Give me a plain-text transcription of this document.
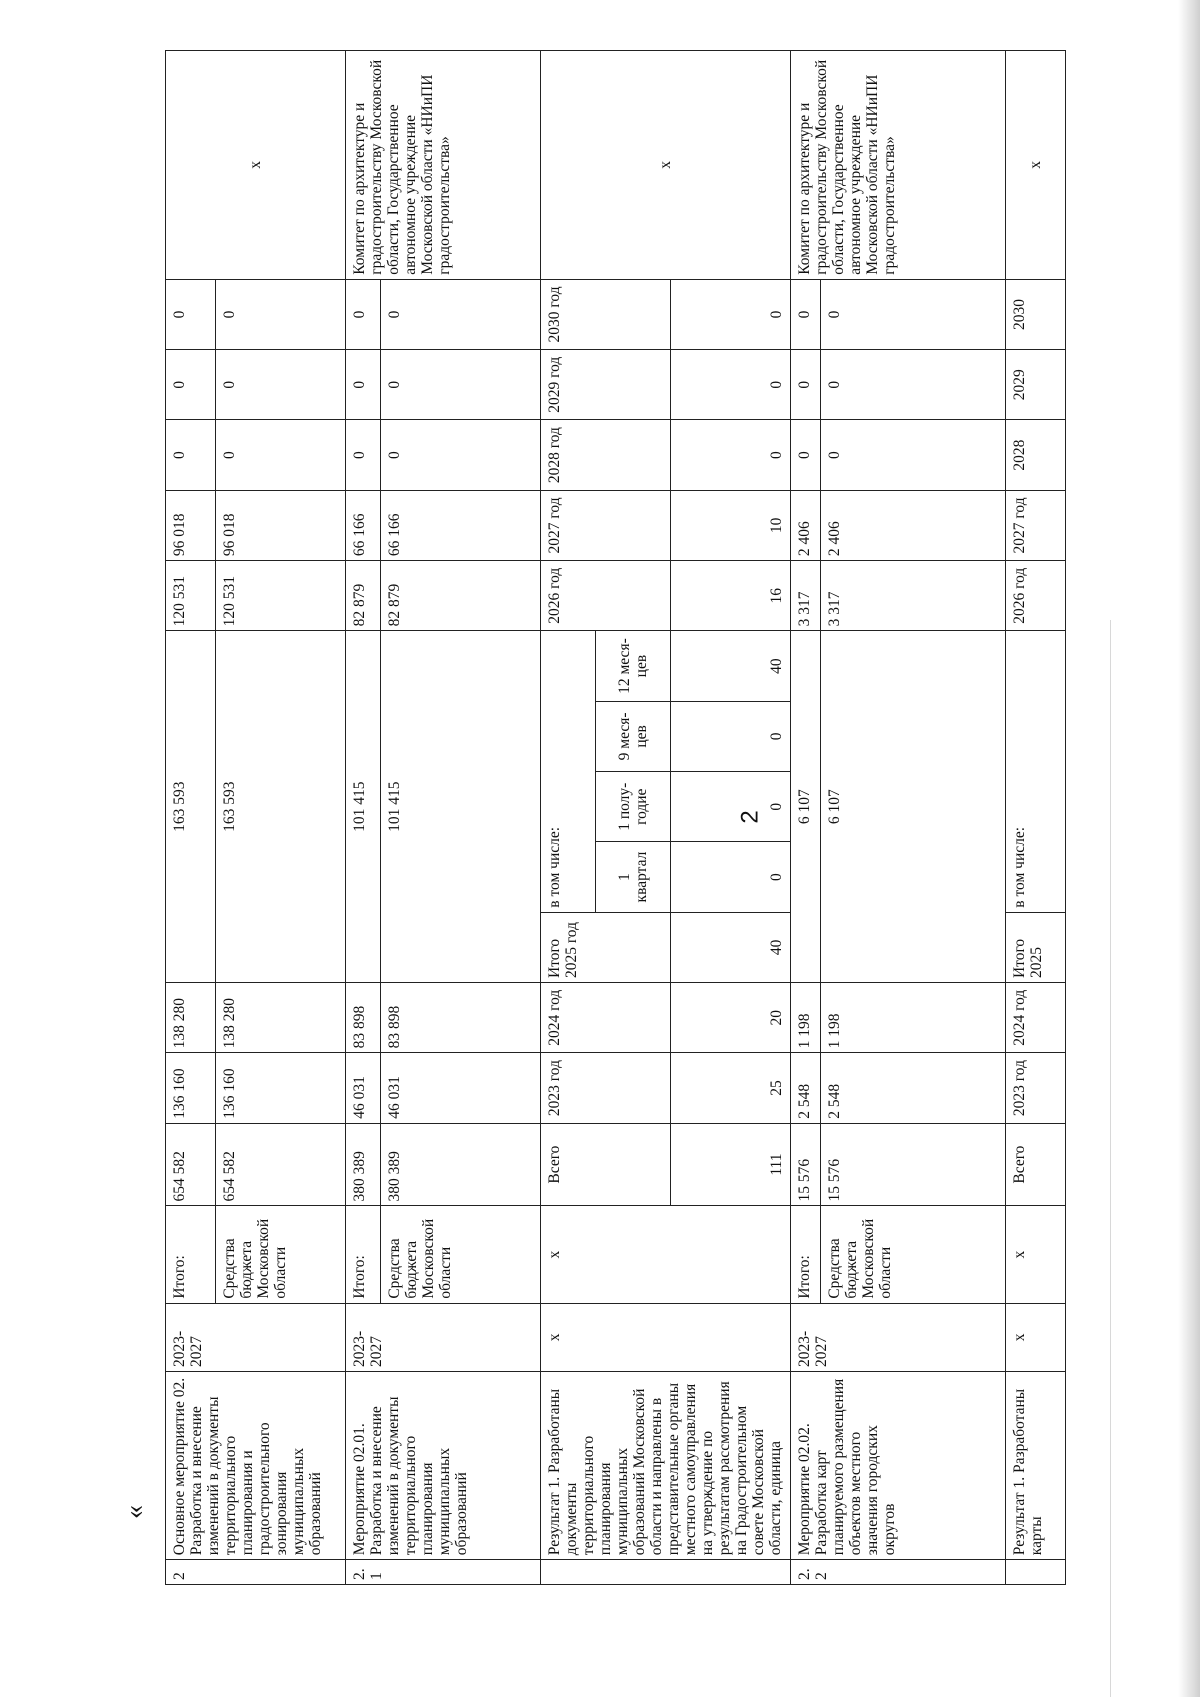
2
«
2	Основное мероприятие 02. Разработка и внесение изменений в документы территориального планирования и градостроительного зонирования муниципальных образований	2023-2027	Итого:	654 582	136 160	138 280	163 593					120 531	96 018	0	0	0	x
			Средства бюджета Московской области	654 582	136 160	138 280	163 593					120 531	96 018	0	0	0	
2.1	Мероприятие 02.01. Разработка и внесение изменений в документы территориального планирования муниципальных образований	2023-2027	Итого:	380 389	46 031	83 898	101 415					82 879	66 166	0	0	0	Комитет по архитектуре и градостроительству Московской области, Государственное автономное учреждение Московской области «НИиПИ градостроительства»
			Средства бюджета Московской области	380 389	46 031	83 898	101 415					82 879	66 166	0	0	0	
	Результат 1. Разработаны документы территориального планирования муниципальных образований Московской области и направлены в представительные органы местного самоуправления на утверждение по результатам рассмотрения на Градостроительном совете Московской области, единица	x	x	Всего	2023 год	2024 год	Итого 2025 год	в том числе:				2026 год	2027 год	2028 год	2029 год	2030 год	x
								1 квартал	1 полу-годие	9 меся-цев	12 меся-цев						
				111	25	20	40	0	0	0	40	16	10	0	0	0	
2.2	Мероприятие 02.02. Разработка карт планируемого размещения объектов местного значения городских округов	2023-2027	Итого:	15 576	2 548	1 198	6 107					3 317	2 406	0	0	0	Комитет по архитектуре и градостроительству Московской области, Государственное автономное учреждение Московской области «НИиПИ градостроительства»
			Средства бюджета Московской области	15 576	2 548	1 198	6 107					3 317	2 406	0	0	0	
	Результат 1. Разработаны карты	x	x	Всего	2023 год	2024 год	Итого 2025	в том числе:				2026 год	2027 год	2028	2029	2030	x
